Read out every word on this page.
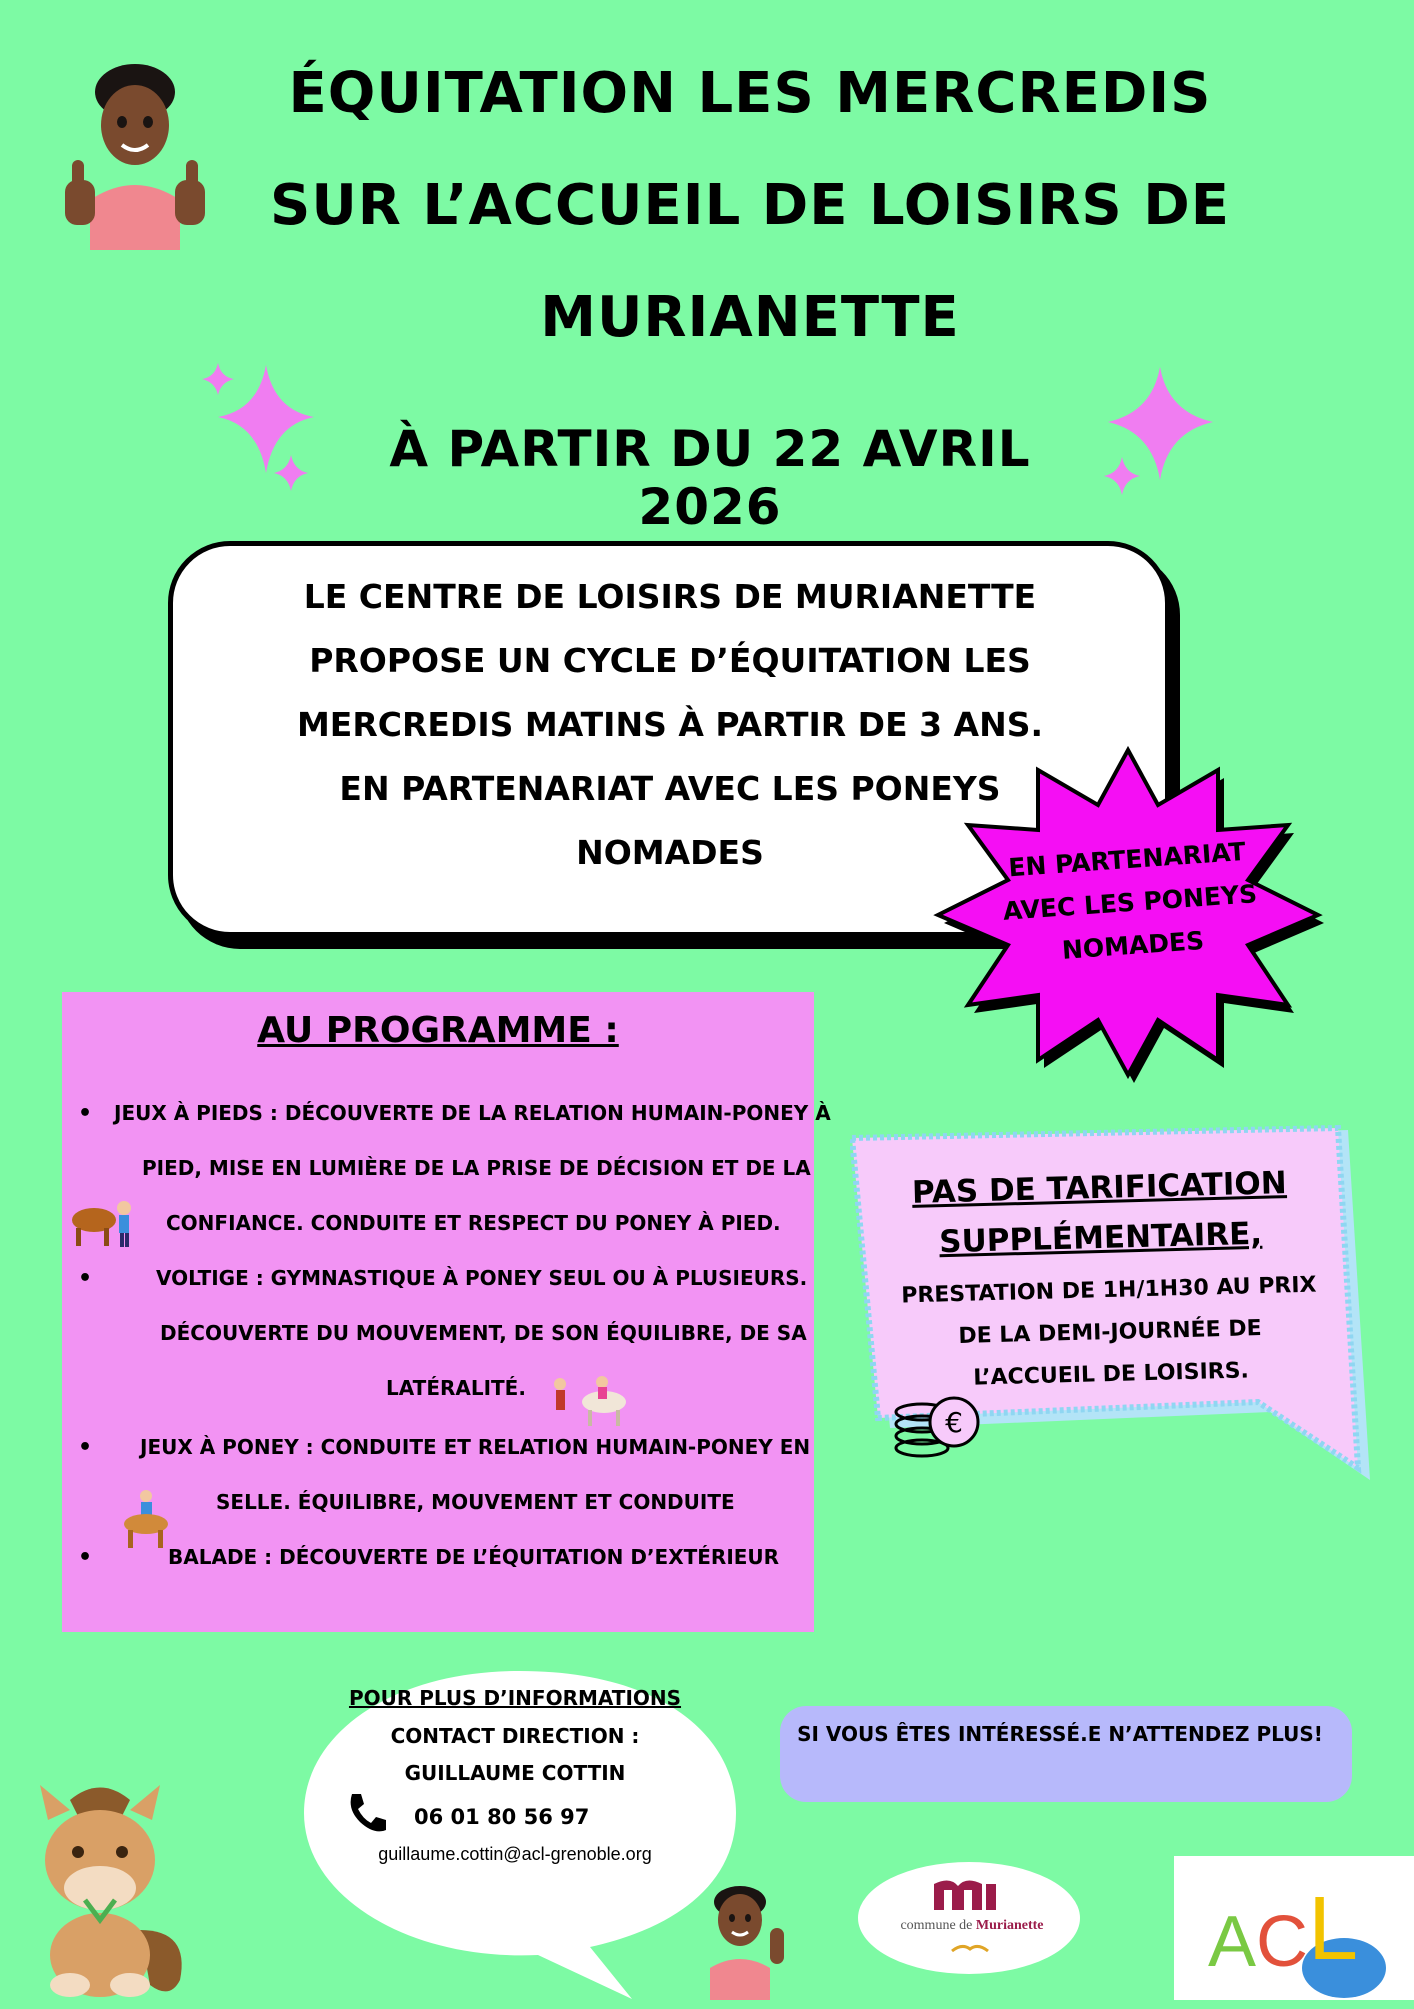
ÉQUITATION LES MERCREDIS
SUR L’ACCUEIL DE LOISIRS DE
MURIANETTE
À PARTIR DU 22 AVRIL 2026
LE CENTRE DE LOISIRS DE MURIANETTE
PROPOSE UN CYCLE D’ÉQUITATION LES
MERCREDIS MATINS À PARTIR DE 3 ANS.
EN PARTENARIAT AVEC LES PONEYS
NOMADES	EN PARTENARIAT
AVEC LES PONEYS
NOMADES
AU PROGRAMME :
• JEUX À PIEDS : DÉCOUVERTE DE LA RELATION HUMAIN-PONEY À
PIED, MISE EN LUMIÈRE DE LA PRISE DE DÉCISION ET DE LA
CONFIANCE. CONDUITE ET RESPECT DU PONEY À PIED.
•	VOLTIGE : GYMNASTIQUE À PONEY SEUL OU À PLUSIEURS.
DÉCOUVERTE DU MOUVEMENT, DE SON ÉQUILIBRE, DE SA
LATÉRALITÉ.
• JEUX À PONEY : CONDUITE ET RELATION HUMAIN-PONEY EN
SELLE. ÉQUILIBRE, MOUVEMENT ET CONDUITE
•	BALADE : DÉCOUVERTE DE L’ÉQUITATION D’EXTÉRIEUR
PAS DE TARIFICATION
SUPPLÉMENTAIRE,
PRESTATION DE 1H/1H30 AU PRIX
DE LA DEMI-JOURNÉE DE
L’ACCUEIL DE LOISIRS.
€
POUR PLUS D’INFORMATIONS
CONTACT DIRECTION :
GUILLAUME COTTIN
06 01 80 56 97
guillaume.cottin@acl-grenoble.org
SI VOUS ÊTES INTÉRESSÉ.E N’ATTENDEZ PLUS!
commune de Murianette	A C L
